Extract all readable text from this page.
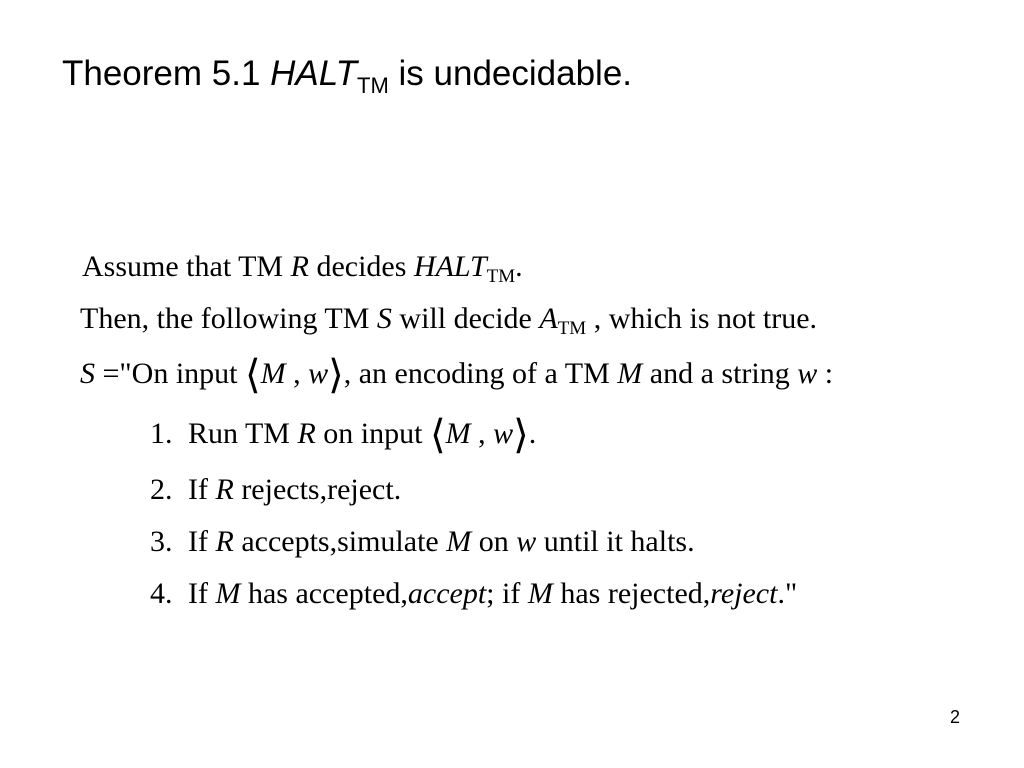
Theorem 5.1 $HALT_{TM}$ is undecidable.
Assume that TM R decides $HALT_{TM}$.
Then, the following TM S will decide $A_{TM}$ , which is not true.
S ="On input ⟨M , w⟩, an encoding of a TM M and a string w :
1. Run TM R on input ⟨M , w⟩.
2. If R rejects,reject.
3. If R accepts,simulate M on w until it halts.
4. If M has accepted,accept; if M has rejected,reject."
2
